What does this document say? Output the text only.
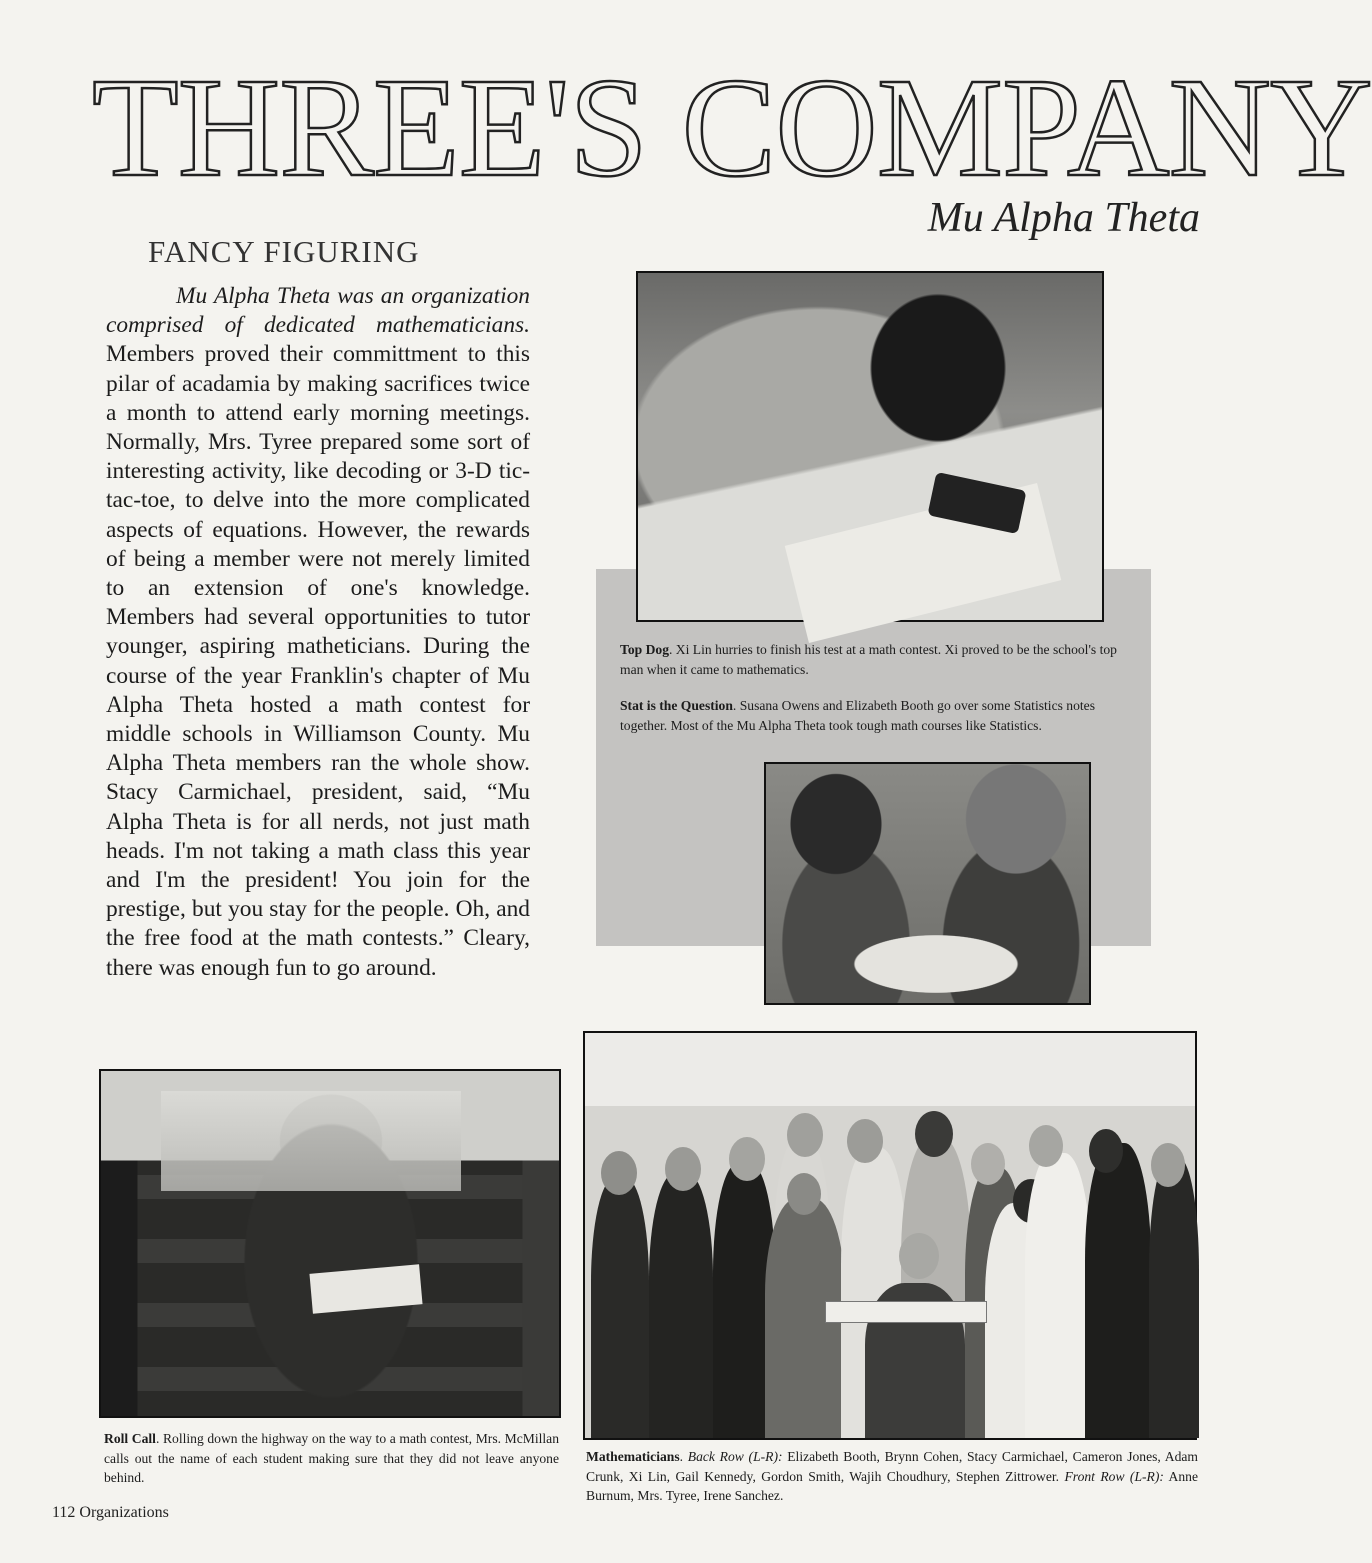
THREE'S COMPANY
Mu Alpha Theta
FANCY FIGURING
Mu Alpha Theta was an organization comprised of dedicated mathematicians. Members proved their committment to this pilar of acadamia by making sacrifices twice a month to attend early morning meetings. Normally, Mrs. Tyree prepared some sort of interesting activity, like decoding or 3-D tic-tac-toe, to delve into the more complicated aspects of equations. However, the rewards of being a member were not merely limited to an extension of one's knowledge. Members had several opportunities to tutor younger, aspiring matheticians. During the course of the year Franklin's chapter of Mu Alpha Theta hosted a math contest for middle schools in Williamson County. Mu Alpha Theta members ran the whole show. Stacy Carmichael, president, said, “Mu Alpha Theta is for all nerds, not just math heads. I'm not taking a math class this year and I'm the president! You join for the prestige, but you stay for the people. Oh, and the free food at the math contests.” Cleary, there was enough fun to go around.
Top Dog. Xi Lin hurries to finish his test at a math contest. Xi proved to be the school's top man when it came to mathematics.
Stat is the Question. Susana Owens and Elizabeth Booth go over some Statistics notes together. Most of the Mu Alpha Theta took tough math courses like Statistics.
Roll Call. Rolling down the highway on the way to a math contest, Mrs. McMillan calls out the name of each student making sure that they did not leave anyone behind.
Mathematicians. Back Row (L-R): Elizabeth Booth, Brynn Cohen, Stacy Carmichael, Cameron Jones, Adam Crunk, Xi Lin, Gail Kennedy, Gordon Smith, Wajih Choudhury, Stephen Zittrower. Front Row (L-R): Anne Burnum, Mrs. Tyree, Irene Sanchez.
112 Organizations
